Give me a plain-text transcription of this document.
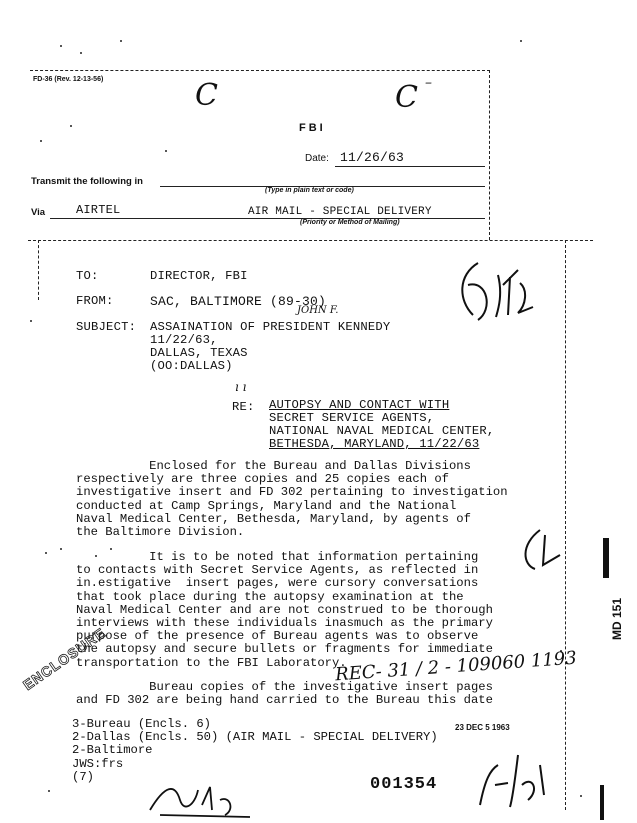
FD-36 (Rev. 12-13-56)	C	C –
FBI
Date: 11/26/63
Transmit the following in
(Type in plain text or code)
Via	AIRTEL	AIR MAIL - SPECIAL DELIVERY
(Priority or Method of Mailing)
TO:	DIRECTOR, FBI
FROM:	SAC, BALTIMORE (89-30)
JOHN F.
SUBJECT: ASSAINATION OF PRESIDENT KENNEDY
11/22/63,
DALLAS, TEXAS
(OO:DALLAS)
RE:
ı ı
AUTOPSY AND CONTACT WITH
SECRET SERVICE AGENTS,
NATIONAL NAVAL MEDICAL CENTER,
BETHESDA, MARYLAND, 11/22/63
Enclosed for the Bureau and Dallas Divisions
respectively are three copies and 25 copies each of
investigative insert and FD 302 pertaining to investigation
conducted at Camp Springs, Maryland and the National
Naval Medical Center, Bethesda, Maryland, by agents of
the Baltimore Division.
It is to be noted that information pertaining
to contacts with Secret Service Agents, as reflected in
in.estigative  insert pages, were cursory conversations
that took place during the autopsy examination at the
Naval Medical Center and are not construed to be thorough
interviews with these individuals inasmuch as the primary
purpose of the presence of Bureau agents was to observe
the autopsy and secure bullets or fragments for immediate
transportation to the FBI Laboratory.
Bureau copies of the investigative insert pages
and FD 302 are being hand carried to the Bureau this date
MD 151
REC- 31 / 2 - 109060 1193
ENCLOSURE
23 DEC 5 1963
3-Bureau (Encls. 6)
2-Dallas (Encls. 50) (AIR MAIL - SPECIAL DELIVERY)
2-Baltimore
JWS:frs
(7)	001354
